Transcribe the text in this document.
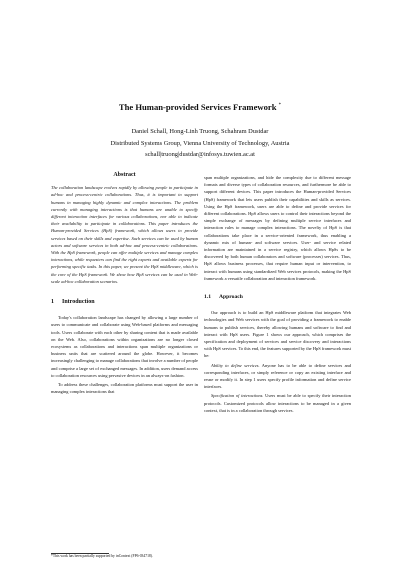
The Human-provided Services Framework *
Daniel Schall, Hong-Linh Truong, Schahram Dustdar
Distributed Systems Group, Vienna University of Technology, Austria
schall|truong|dustdar@infosys.tuwien.ac.at
Abstract

The collaboration landscape evolves rapidly by allowing people to participate in ad-hoc and process-centric collaborations. Thus, it is important to support humans in managing highly dynamic and complex interactions. The problem currently with managing interactions is that humans are unable to specify different interaction interfaces for various collaborations, nor able to indicate their availability to participate in collaborations. This paper introduces the Human-provided Services (HpS) framework, which allows users to provide services based on their skills and expertise. Such services can be used by human actors and software services in both ad-hoc and process-centric collaborations. With the HpS framework, people can offer multiple services and manage complex interactions, while requesters can find the right experts and available experts for performing specific tasks. In this paper, we present the HpS middleware, which is the core of the HpS framework. We show how HpS services can be used in Web-scale ad-hoc collaboration scenarios.

1 Introduction

Today's collaboration landscape has changed by allowing a large number of users to communicate and collaborate using Web-based platforms and messaging tools. Users collaborate with each other by sharing content that is made available on the Web. Also, collaborations within organizations are no longer closed ecosystems as collaborations and interactions span multiple organizations or business units that are scattered around the globe. However, it becomes increasingly challenging to manage collaborations that involve a number of people and comprise a large set of exchanged messages. In addition, users demand access to collaboration resources using pervasive devices in an always-on fashion.

To address these challenges, collaboration platforms must support the user in managing complex interactions that

span multiple organizations, and hide the complexity due to different message formats and diverse types of collaboration resources, and furthermore be able to support different devices. This paper introduces the Human-provided Services (HpS) framework that lets users publish their capabilities and skills as services. Using the HpS framework, users are able to define and provide services for different collaborations. HpS allows users to control their interactions beyond the simple exchange of messages by defining multiple service interfaces and interaction rules to manage complex interactions. The novelty of HpS is that collaborations take place in a service-oriented framework, thus enabling a dynamic mix of human- and software services. User- and service related information are maintained in a service registry, which allows HpSs to be discovered by both human collaborators and software (processes) services. Thus, HpS allows business processes, that require human input or intervention, to interact with humans using standardized Web services protocols, making the HpS framework a versatile collaboration and interaction framework.

1.1 Approach

Our approach is to build an HpS middleware platform that integrates Web technologies and Web services with the goal of providing a framework to enable humans to publish services, thereby allowing humans and software to find and interact with HpS users. Figure 1 shows our approach, which comprises the specification and deployment of services and service discovery and interactions with HpS services. To this end, the features supported by the HpS framework must be:

Ability to define services. Anyone has to be able to define services and corresponding interfaces, or simply reference or copy an existing interface and reuse or modify it. In step 1 users specify profile information and define service interfaces.

Specification of interactions. Users must be able to specify their interaction protocols. Customized protocols allow interactions to be managed in a given context, that is in a collaboration through services.

*This work has been partially supported by inContext (FP6-034718).
